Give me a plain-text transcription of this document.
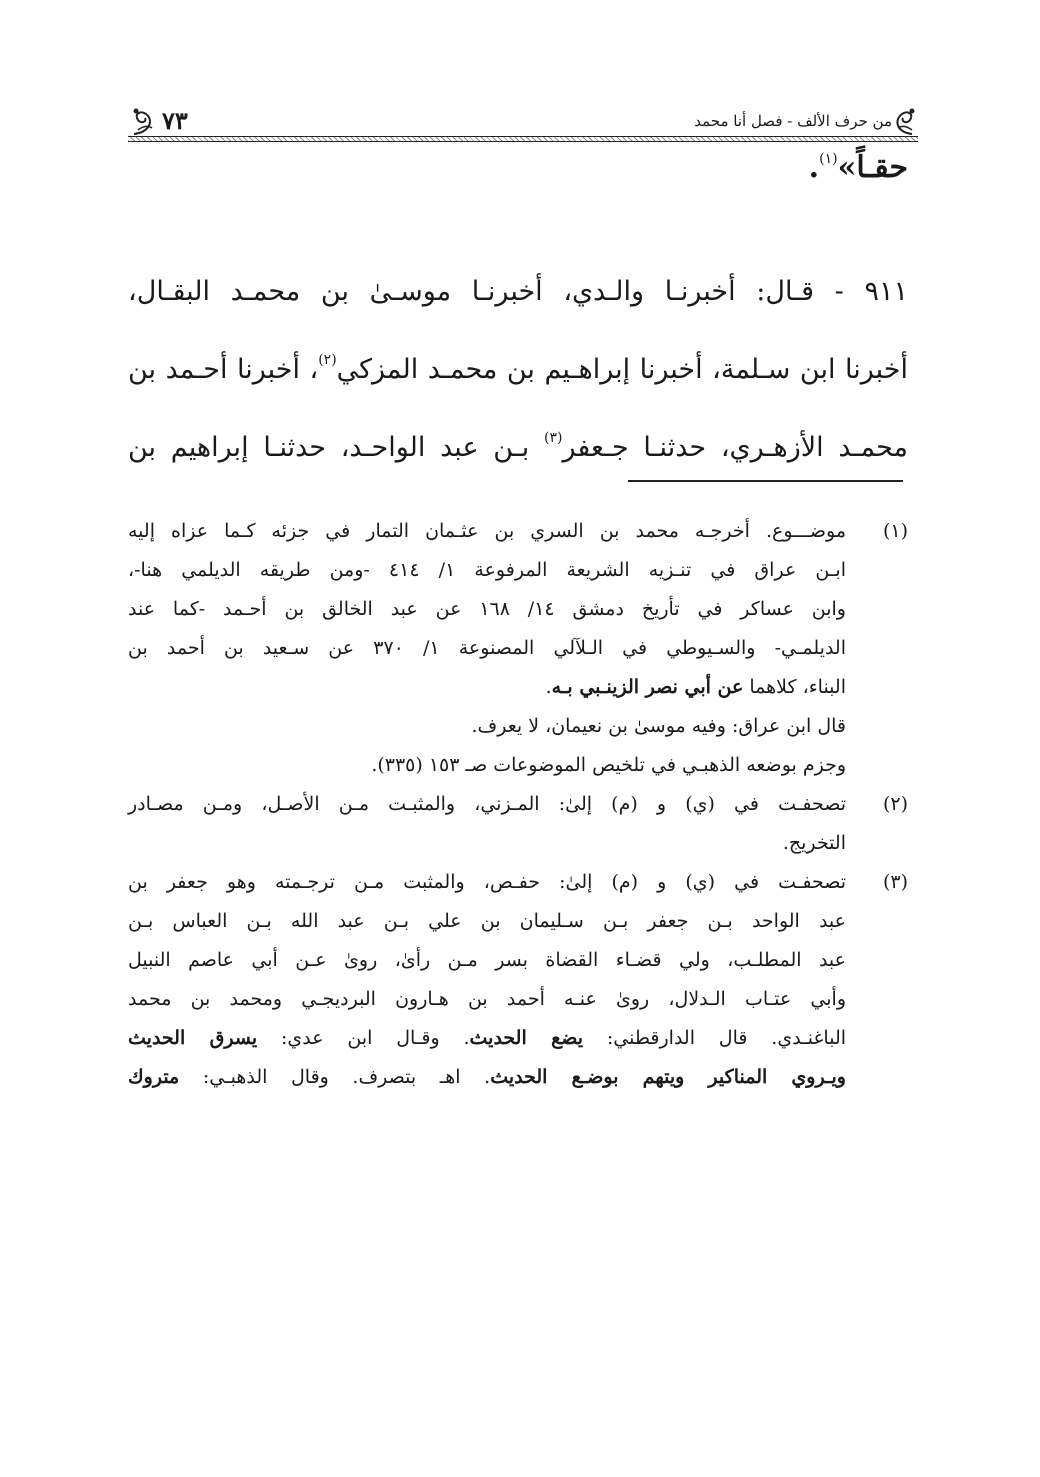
من حرف الألف - فصل أنا محمد
٧٣
حقـاً»$^{(١)}$.
٩١١ - قـال: أخبرنـا والـدي، أخبرنـا موسـىٰ بن محمـد البقـال،
أخبرنا ابن سـلمة، أخبرنا إبراهـيم بن محمـد المزكي$^{(٢)}$، أخبرنا أحـمد بن
محمـد الأزهـري، حدثنـا جـعفر$^{(٣)}$ بـن عبد الواحـد، حدثنـا إبراهيم بن
(١)
موضـــوع. أخرجـه محمد بن السري بن عثـمان التمار في جزئه كـما عزاه إليه
ابـن عراق في تنـزيه الشريعة المرفوعة ١/ ٤١٤ -ومن طريقه الديلمي هنا-،
وابن عساكر في تأريخ دمشق ١٤/ ١٦٨ عن عبد الخالق بن أحـمد -كما عند
الديلمـي- والسـيوطي في الـلآلي المصنوعة ١/ ٣٧٠ عن سـعيد بن أحمد بن
البناء، كلاهما عن أبي نصر الزينـبي بـه.
قال ابن عراق: وفيه موسىٰ بن نعيمان، لا يعرف.
وجزم بوضعه الذهبـي في تلخيص الموضوعات صـ ١٥٣ (٣٣٥).
(٢)
تصحفـت في (ي) و (م) إلىٰ: المـزني، والمثبـت مـن الأصـل، ومـن مصـادر
التخريج.
(٣)
تصحفـت في (ي) و (م) إلىٰ: حفـص، والمثبت مـن ترجـمته وهو جعفر بن
عبد الواحد بـن جعفر بـن سـليمان بن علي بـن عبد الله بـن العباس بـن
عبد المطلـب، ولي قضـاء القضاة بسر مـن رأىٰ، روىٰ عـن أبي عاصم النبيل
وأبي عتـاب الـدلال، روىٰ عنـه أحمد بن هـارون البرديجـي ومحمد بن محمد
الباغنـدي. قال الدارقطني: يضع الحديث. وقـال ابن عدي: يسرق الحديث
ويـروي المناكير ويتهم بوضـع الحديث. اهـ بتصرف. وقال الذهبـي: متروك
